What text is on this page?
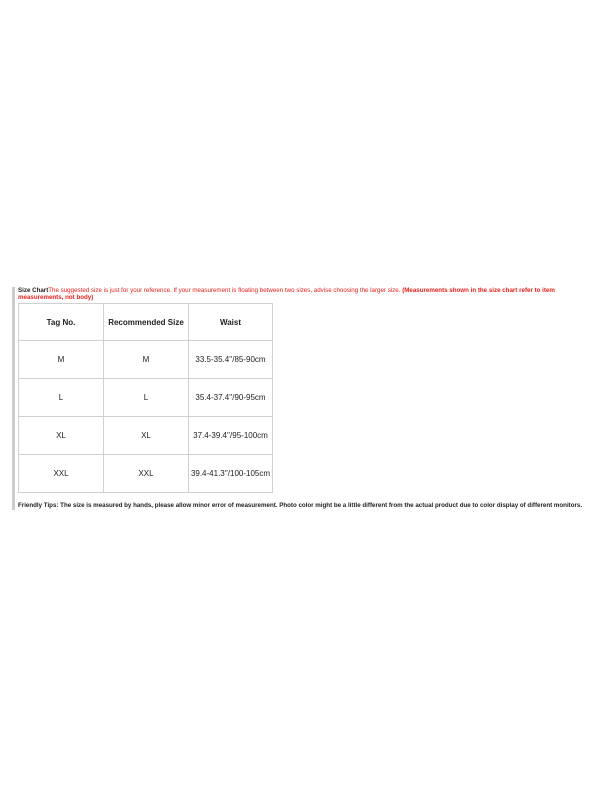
Size ChartThe suggested size is just for your reference. If your measurement is floating between two sizes, advise choosing the larger size. (Measurements shown in the size chart refer to item measurements, not body)
Tag No.	Recommended Size	Waist
M	M	33.5-35.4''/85-90cm
L	L	35.4-37.4''/90-95cm
XL	XL	37.4-39.4''/95-100cm
XXL	XXL	39.4-41.3''/100-105cm
Friendly Tips: The size is measured by hands, please allow minor error of measurement. Photo color might be a little different from the actual product due to color display of different monitors.
